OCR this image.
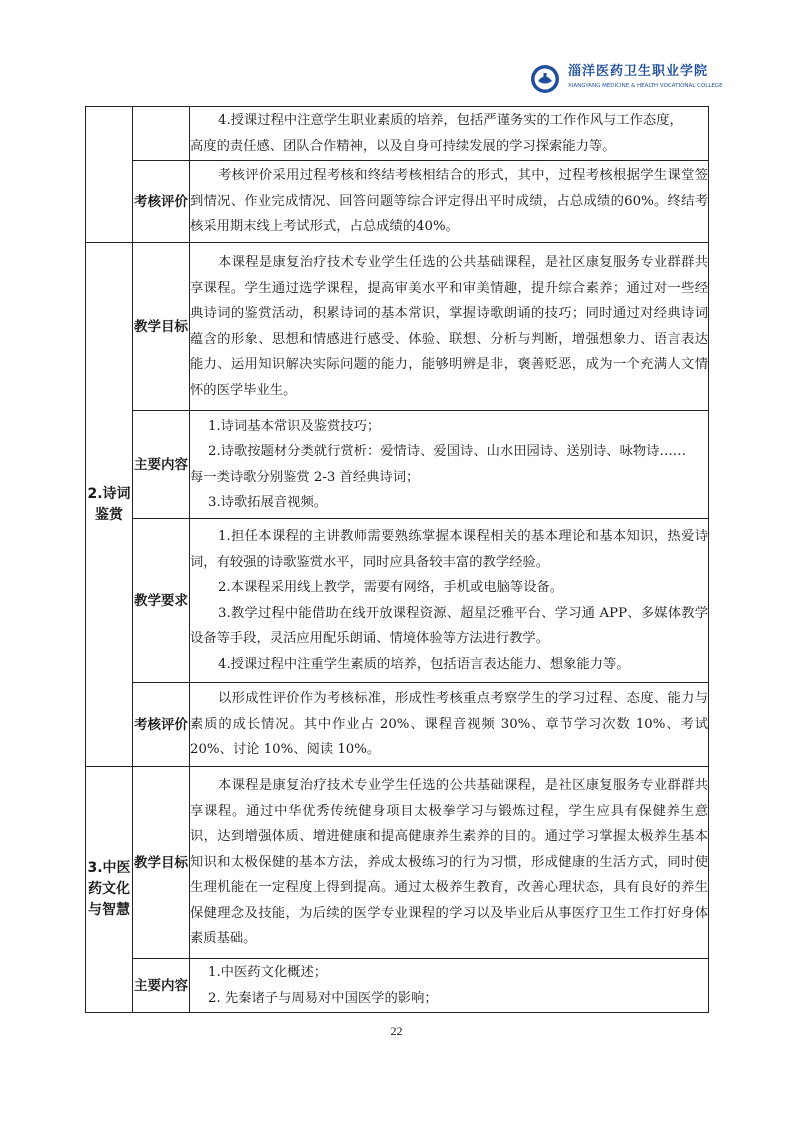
淄洋医药卫生职业学院
XIANGYANG MEDICINE & HEALTH VOCATIONAL COLLEGE

		4.授课过程中注意学生职业素质的培养，包括严谨务实的工作作风与工作态度，

高度的责任感、团队合作精神，以及自身可持续发展的学习探索能力等。

	考核评价	考核评价采用过程考核和终结考核相结合的形式，其中，过程考核根据学生课堂签到情况、作业完成情况、回答问题等综合评定得出平时成绩，占总成绩的60%。终结考核采用期末线上考试形式，占总成绩的40%。

2.诗词鉴赏	教学目标	本课程是康复治疗技术专业学生任选的公共基础课程，是社区康复服务专业群群共享课程。学生通过选学课程，提高审美水平和审美情趣，提升综合素养；通过对一些经典诗词的鉴赏活动，积累诗词的基本常识，掌握诗歌朗诵的技巧；同时通过对经典诗词蕴含的形象、思想和情感进行感受、体验、联想、分析与判断，增强想象力、语言表达能力、运用知识解决实际问题的能力，能够明辨是非，褒善贬恶，成为一个充满人文情怀的医学毕业生。

	主要内容	1.诗词基本常识及鉴赏技巧；

2.诗歌按题材分类就行赏析：爱情诗、爱国诗、山水田园诗、送别诗、咏物诗……

每一类诗歌分别鉴赏 2-3 首经典诗词；

3.诗歌拓展音视频。

	教学要求	1.担任本课程的主讲教师需要熟练掌握本课程相关的基本理论和基本知识，热爱诗词，有较强的诗歌鉴赏水平，同时应具备较丰富的教学经验。

2.本课程采用线上教学，需要有网络，手机或电脑等设备。

3.教学过程中能借助在线开放课程资源、超星泛雅平台、学习通 APP、多媒体教学设备等手段，灵活应用配乐朗诵、情境体验等方法进行教学。

4.授课过程中注重学生素质的培养，包括语言表达能力、想象能力等。

	考核评价	以形成性评价作为考核标准，形成性考核重点考察学生的学习过程、态度、能力与素质的成长情况。其中作业占 20%、课程音视频 30%、章节学习次数 10%、考试 20%、讨论 10%、阅读 10%。

3.中医药文化与智慧	教学目标	本课程是康复治疗技术专业学生任选的公共基础课程，是社区康复服务专业群群共享课程。通过中华优秀传统健身项目太极拳学习与锻炼过程，学生应具有保健养生意识，达到增强体质、增进健康和提高健康养生素养的目的。通过学习掌握太极养生基本知识和太极保健的基本方法，养成太极练习的行为习惯，形成健康的生活方式，同时使生理机能在一定程度上得到提高。通过太极养生教育，改善心理状态，具有良好的养生保健理念及技能，为后续的医学专业课程的学习以及毕业后从事医疗卫生工作打好身体素质基础。

	主要内容	1.中医药文化概述；

2. 先秦诸子与周易对中国医学的影响；

22
